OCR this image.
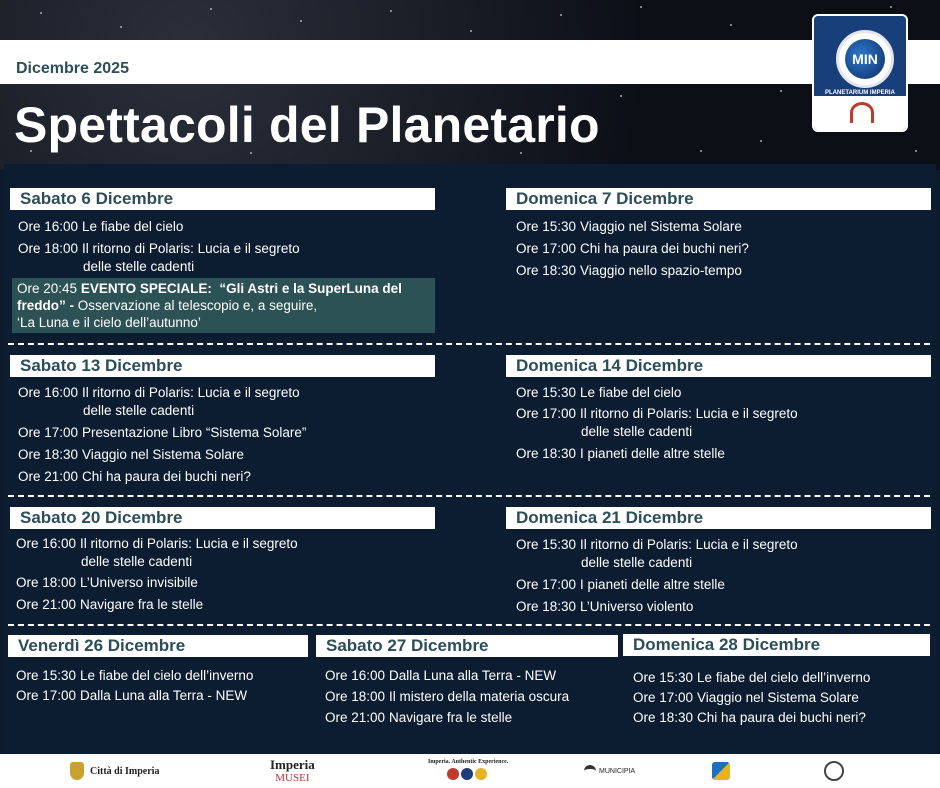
Dicembre 2025
Spettacoli del Planetario
MIN
PLANETARIUM IMPERIA
Sabato 6 Dicembre
Ore 16:00 Le fiabe del cielo
Ore 18:00 Il ritorno di Polaris: Lucia e il segreto
delle stelle cadenti
Ore 20:45 EVENTO SPECIALE: “Gli Astri e la SuperLuna del
freddo” - Osservazione al telescopio e, a seguire,
‘La Luna e il cielo dell’autunno’
Domenica 7 Dicembre
Ore 15:30 Viaggio nel Sistema Solare
Ore 17:00 Chi ha paura dei buchi neri?
Ore 18:30 Viaggio nello spazio-tempo
Sabato 13 Dicembre
Ore 16:00 Il ritorno di Polaris: Lucia e il segreto
delle stelle cadenti
Ore 17:00 Presentazione Libro “Sistema Solare”
Ore 18:30 Viaggio nel Sistema Solare
Ore 21:00 Chi ha paura dei buchi neri?
Domenica 14 Dicembre
Ore 15:30 Le fiabe del cielo
Ore 17:00 Il ritorno di Polaris: Lucia e il segreto
delle stelle cadenti
Ore 18:30 I pianeti delle altre stelle
Sabato 20 Dicembre
Ore 16:00 Il ritorno di Polaris: Lucia e il segreto
delle stelle cadenti
Ore 18:00 L’Universo invisibile
Ore 21:00 Navigare fra le stelle
Domenica 21 Dicembre
Ore 15:30 Il ritorno di Polaris: Lucia e il segreto
delle stelle cadenti
Ore 17:00 I pianeti delle altre stelle
Ore 18:30 L’Universo violento
Venerdì 26 Dicembre
Ore 15:30 Le fiabe del cielo dell’inverno
Ore 17:00 Dalla Luna alla Terra - NEW
Sabato 27 Dicembre
Ore 16:00 Dalla Luna alla Terra - NEW
Ore 18:00 Il mistero della materia oscura
Ore 21:00 Navigare fra le stelle
Domenica 28 Dicembre
Ore 15:30 Le fiabe del cielo dell’inverno
Ore 17:00 Viaggio nel Sistema Solare
Ore 18:30 Chi ha paura dei buchi neri?
Città di Imperia	Imperia
MUSEI
Imperia. Authentic Experience.
MUNICIPIA
